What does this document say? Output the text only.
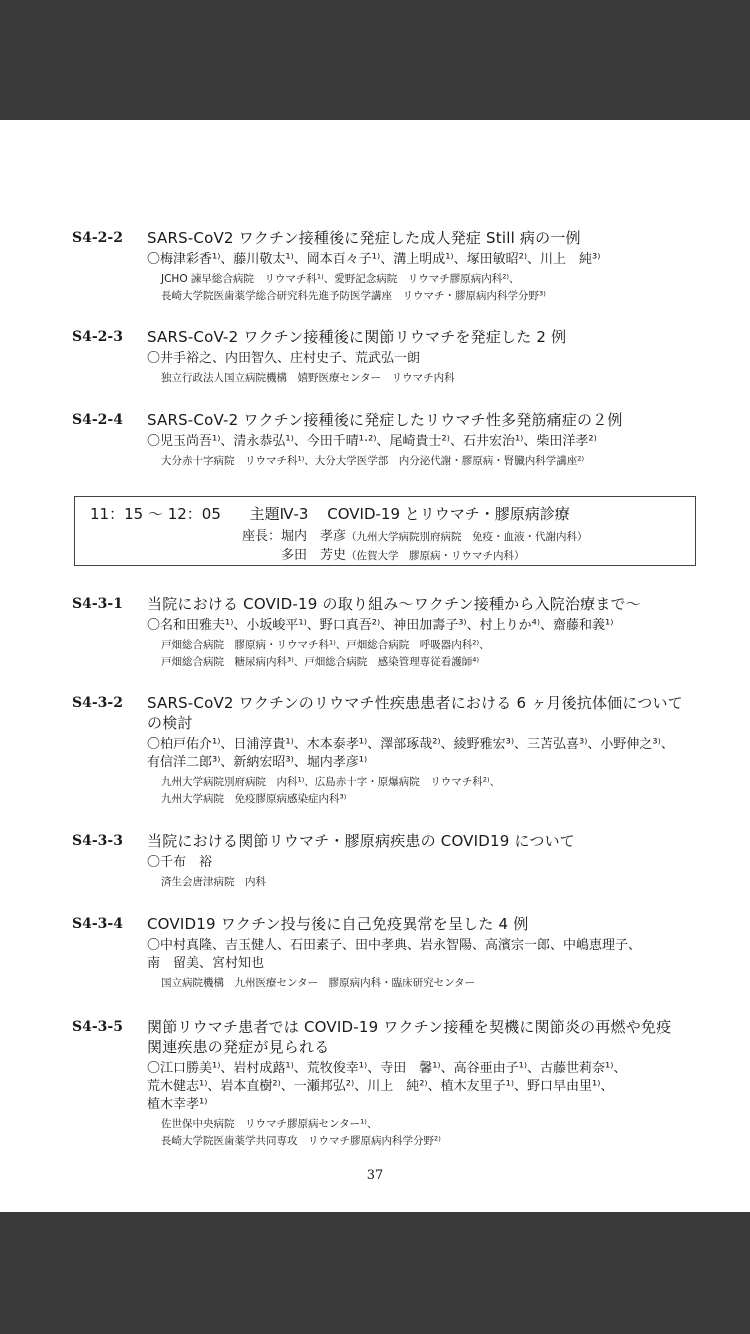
S4-2-2	SARS-CoV2 ワクチン接種後に発症した成人発症 Still 病の一例
〇梅津彩香¹⁾、藤川敬太¹⁾、岡本百々子¹⁾、溝上明成¹⁾、塚田敏昭²⁾、川上　純³⁾
JCHO 諫早総合病院　リウマチ科¹⁾、愛野記念病院　リウマチ膠原病内科²⁾、
長崎大学院医歯薬学総合研究科先進予防医学講座　リウマチ・膠原病内科学分野³⁾
S4-2-3	SARS-CoV-2 ワクチン接種後に関節リウマチを発症した 2 例
〇井手裕之、内田智久、庄村史子、荒武弘一朗
独立行政法人国立病院機構　嬉野医療センター　リウマチ内科
S4-2-4	SARS-CoV-2 ワクチン接種後に発症したリウマチ性多発筋痛症の２例
〇児玉尚吾¹⁾、清永恭弘¹⁾、今田千晴¹·²⁾、尾崎貴士²⁾、石井宏治¹⁾、柴田洋孝²⁾
大分赤十字病院　リウマチ科¹⁾、大分大学医学部　内分泌代謝・膠原病・腎臓内科学講座²⁾
11：15 ～ 12：05 主題Ⅳ-3 COVID-19 とリウマチ・膠原病診療
座長：堀内　孝彦（九州大学病院別府病院　免疫・血液・代謝内科）
多田　芳史（佐賀大学　膠原病・リウマチ内科）
S4-3-1	当院における COVID-19 の取り組み～ワクチン接種から入院治療まで～
〇名和田雅夫¹⁾、小坂峻平¹⁾、野口真吾²⁾、神田加壽子³⁾、村上りか⁴⁾、齋藤和義¹⁾
戸畑総合病院　膠原病・リウマチ科¹⁾、戸畑総合病院　呼吸器内科²⁾、
戸畑総合病院　糖尿病内科³⁾、戸畑総合病院　感染管理専従看護師⁴⁾
S4-3-2	SARS-CoV2 ワクチンのリウマチ性疾患患者における 6 ヶ月後抗体価について
の検討
〇柏戸佑介¹⁾、日浦淳貴¹⁾、木本泰孝¹⁾、澤部琢哉²⁾、綾野雅宏³⁾、三苫弘喜³⁾、小野伸之³⁾、
有信洋二郎³⁾、新納宏昭³⁾、堀内孝彦¹⁾
九州大学病院別府病院　内科¹⁾、広島赤十字・原爆病院　リウマチ科²⁾、
九州大学病院　免疫膠原病感染症内科³⁾
S4-3-3	当院における関節リウマチ・膠原病疾患の COVID19 について
〇千布　裕
済生会唐津病院　内科
S4-3-4	COVID19 ワクチン投与後に自己免疫異常を呈した 4 例
〇中村真隆、吉玉健人、石田素子、田中孝典、岩永智陽、高濱宗一郎、中嶋恵理子、
南　留美、宮村知也
国立病院機構　九州医療センター　膠原病内科・臨床研究センター
S4-3-5	関節リウマチ患者では COVID-19 ワクチン接種を契機に関節炎の再燃や免疫
関連疾患の発症が見られる
〇江口勝美¹⁾、岩村成蕗¹⁾、荒牧俊幸¹⁾、寺田　馨¹⁾、高谷亜由子¹⁾、古藤世莉奈¹⁾、
荒木健志¹⁾、岩本直樹²⁾、一瀬邦弘²⁾、川上　純²⁾、植木友里子¹⁾、野口早由里¹⁾、
植木幸孝¹⁾
佐世保中央病院　リウマチ膠原病センター¹⁾、
長崎大学院医歯薬学共同専攻　リウマチ膠原病内科学分野²⁾
37
